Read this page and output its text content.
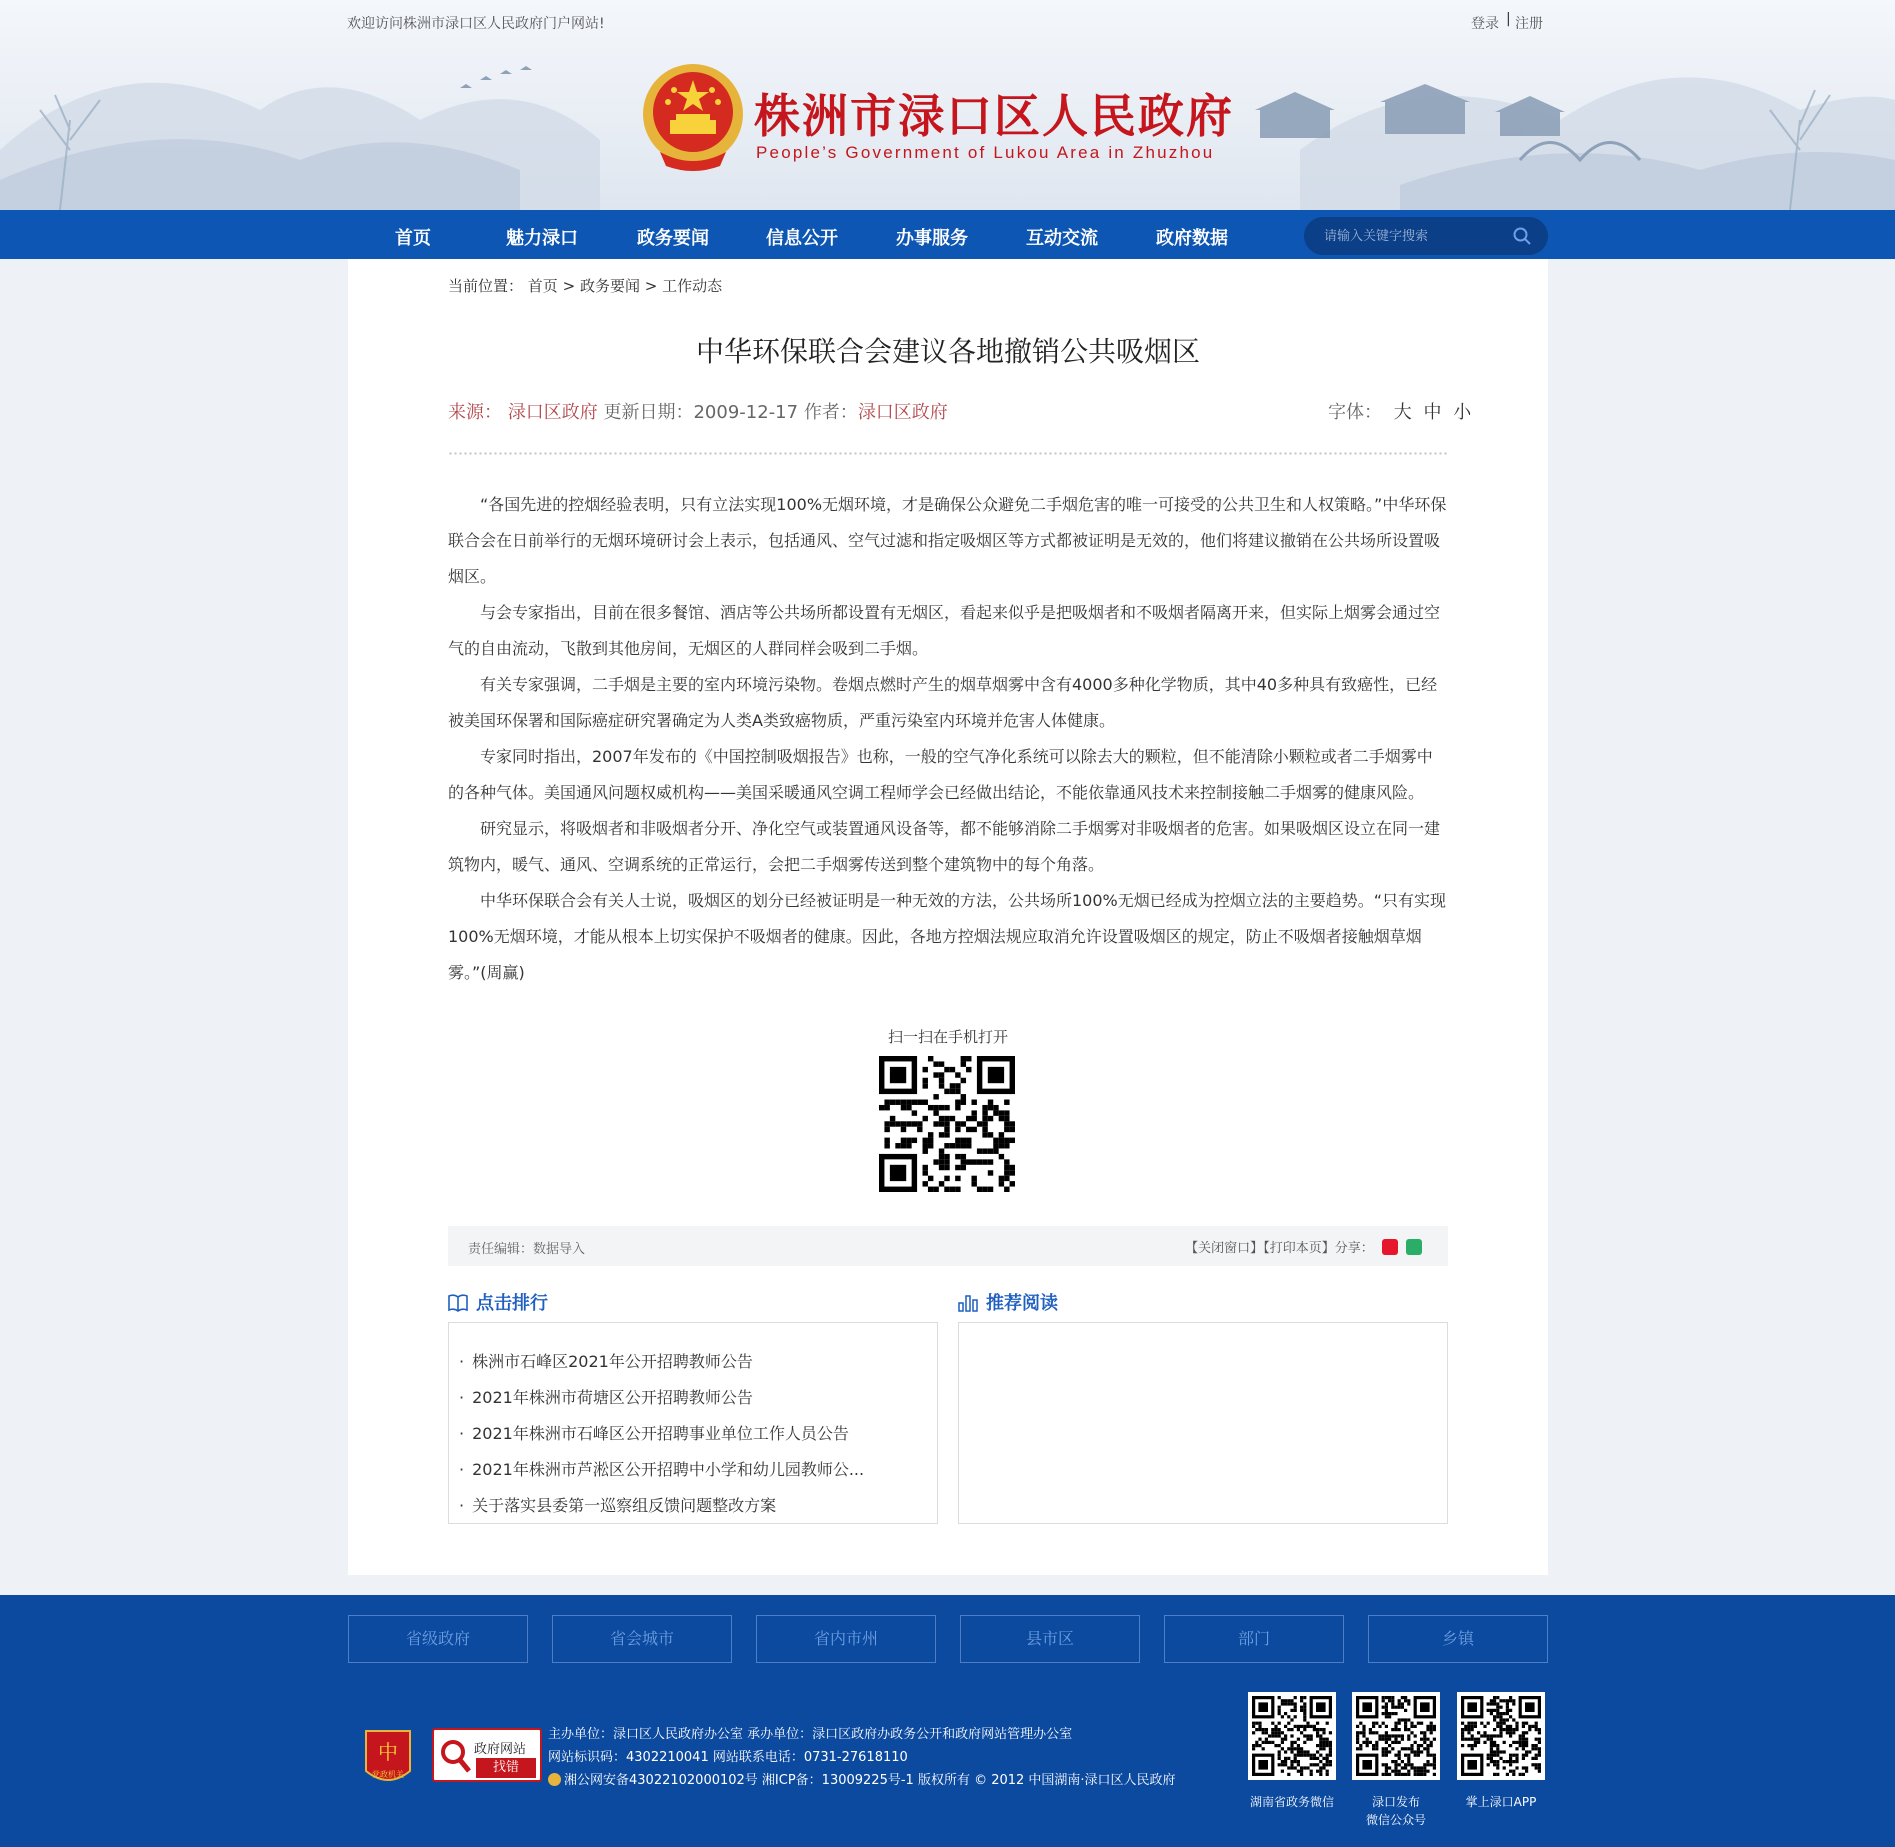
欢迎访问株洲市渌口区人民政府门户网站!	登录 | 注册
株洲市渌口区人民政府
People’s Government of Lukou Area in Zhuzhou
首页	魅力渌口	政务要闻	信息公开	办事服务	互动交流	政府数据
请输入关键字搜索
当前位置： 首页 > 政务要闻 > 工作动态
中华环保联合会建议各地撤销公共吸烟区
来源： 渌口区政府 更新日期：2009-12-17 作者：渌口区政府	字体： 大 中 小

“各国先进的控烟经验表明，只有立法实现100%无烟环境，才是确保公众避免二手烟危害的唯一可接受的公共卫生和人权策略。”中华环保联合会在日前举行的无烟环境研讨会上表示，包括通风、空气过滤和指定吸烟区等方式都被证明是无效的，他们将建议撤销在公共场所设置吸烟区。

与会专家指出，目前在很多餐馆、酒店等公共场所都设置有无烟区，看起来似乎是把吸烟者和不吸烟者隔离开来，但实际上烟雾会通过空气的自由流动，飞散到其他房间，无烟区的人群同样会吸到二手烟。

有关专家强调，二手烟是主要的室内环境污染物。卷烟点燃时产生的烟草烟雾中含有4000多种化学物质，其中40多种具有致癌性，已经被美国环保署和国际癌症研究署确定为人类A类致癌物质，严重污染室内环境并危害人体健康。

专家同时指出，2007年发布的《中国控制吸烟报告》也称，一般的空气净化系统可以除去大的颗粒，但不能清除小颗粒或者二手烟雾中的各种气体。美国通风问题权威机构——美国采暖通风空调工程师学会已经做出结论，不能依靠通风技术来控制接触二手烟雾的健康风险。

研究显示，将吸烟者和非吸烟者分开、净化空气或装置通风设备等，都不能够消除二手烟雾对非吸烟者的危害。如果吸烟区设立在同一建筑物内，暖气、通风、空调系统的正常运行，会把二手烟雾传送到整个建筑物中的每个角落。

中华环保联合会有关人士说，吸烟区的划分已经被证明是一种无效的方法，公共场所100%无烟已经成为控烟立法的主要趋势。“只有实现100%无烟环境，才能从根本上切实保护不吸烟者的健康。因此，各地方控烟法规应取消允许设置吸烟区的规定，防止不吸烟者接触烟草烟雾。”(周赢)

扫一扫在手机打开
责任编辑：数据导入	【关闭窗口】【打印本页】分享：
点击排行	推荐阅读
· 株洲市石峰区2021年公开招聘教师公告
· 2021年株洲市荷塘区公开招聘教师公告
· 2021年株洲市石峰区公开招聘事业单位工作人员公告
· 2021年株洲市芦淞区公开招聘中小学和幼儿园教师公...
· 关于落实县委第一巡察组反馈问题整改方案
省级政府	省会城市	省内市州	县市区	部门	乡镇
中
党政机关
政府网站
找错
主办单位：渌口区人民政府办公室 承办单位：渌口区政府办政务公开和政府网站管理办公室
网站标识码：4302210041 网站联系电话：0731-27618110
湘公网安备43022102000102号 湘ICP备：13009225号-1 版权所有 © 2012 中国湖南·渌口区人民政府
湖南省政务微信	渌口发布
微信公众号
掌上渌口APP
